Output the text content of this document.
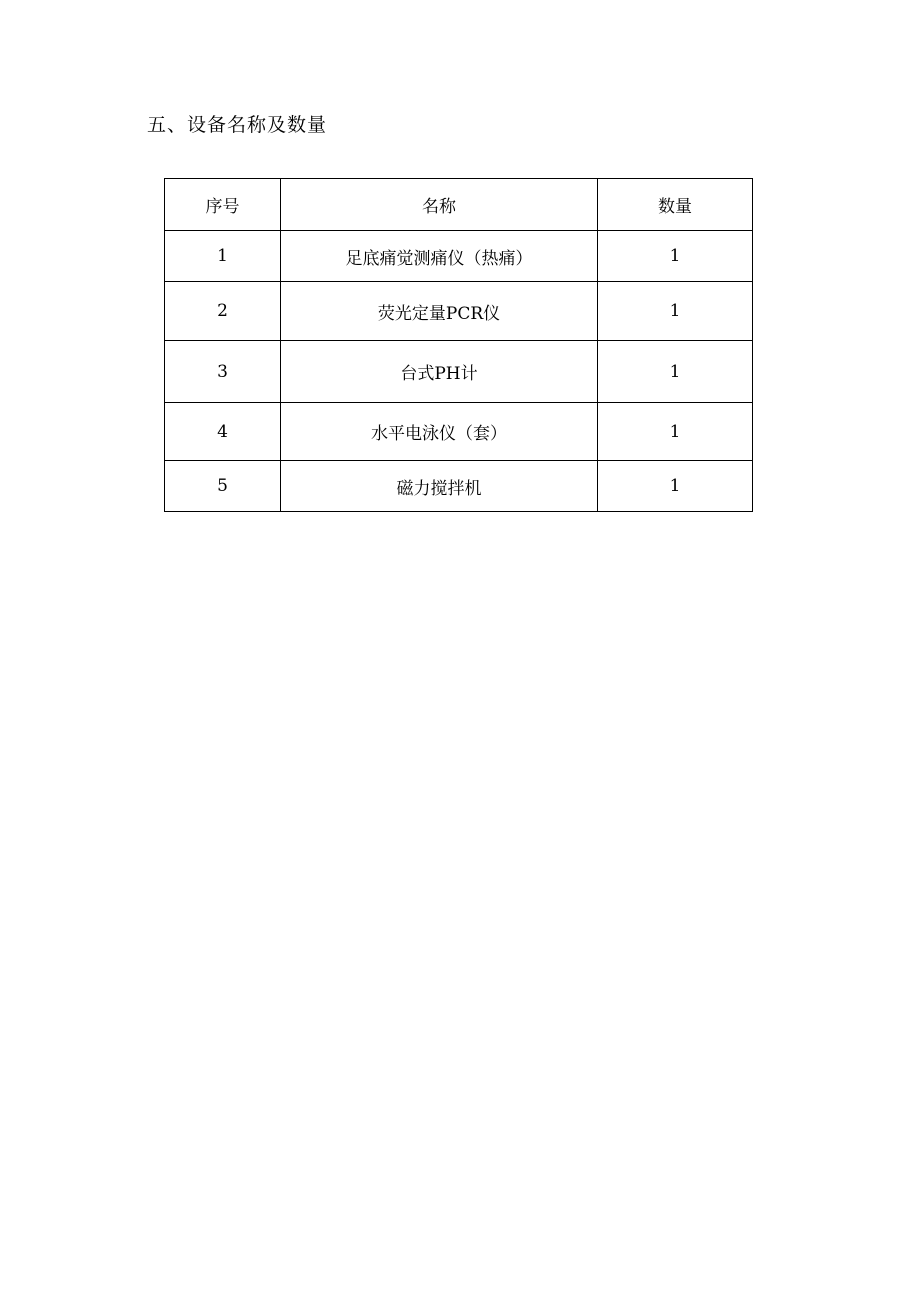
五、设备名称及数量
序号	名称	数量
1	足底痛觉测痛仪（热痛）	1
2	荧光定量PCR仪	1
3	台式PH计	1
4	水平电泳仪（套）	1
5	磁力搅拌机	1
